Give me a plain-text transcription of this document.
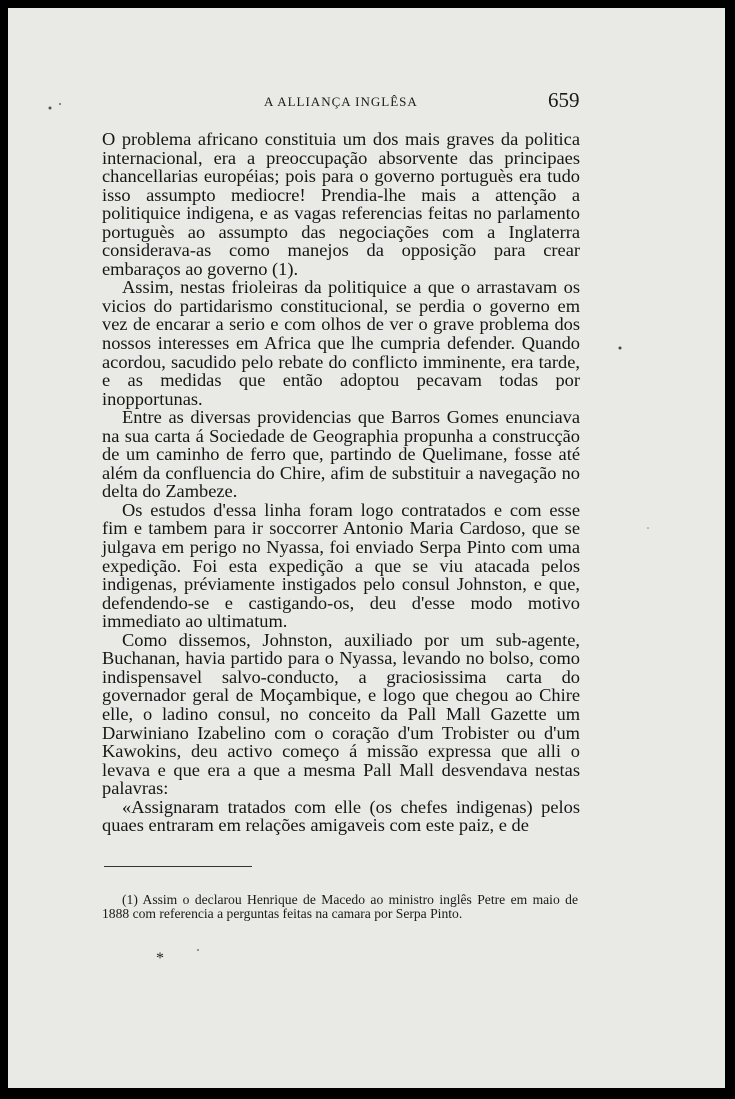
A ALLIANÇA INGLÊSA	659

O problema africano constituia um dos mais graves da politica internacional, era a preoccupação absorvente das principaes chancellarias européias; pois para o governo portuguès era tudo isso assumpto mediocre! Prendia-lhe mais a attenção a politiquice indigena, e as vagas referencias feitas no parlamento portuguès ao assumpto das negociações com a Inglaterra considerava-as como manejos da opposição para crear embaraços ao governo (1).

Assim, nestas frioleiras da politiquice a que o arrastavam os vicios do partidarismo constitucional, se perdia o governo em vez de encarar a serio e com olhos de ver o grave problema dos nossos interesses em Africa que lhe cumpria defender. Quando acordou, sacudido pelo rebate do conflicto imminente, era tarde, e as medidas que então adoptou pecavam todas por inopportunas.

Entre as diversas providencias que Barros Gomes enunciava na sua carta á Sociedade de Geographia propunha a construcção de um caminho de ferro que, partindo de Quelimane, fosse até além da confluencia do Chire, afim de substituir a navegação no delta do Zambeze.

Os estudos d'essa linha foram logo contratados e com esse fim e tambem para ir soccorrer Antonio Maria Cardoso, que se julgava em perigo no Nyassa, foi enviado Serpa Pinto com uma expedição. Foi esta expedição a que se viu atacada pelos indigenas, préviamente instigados pelo consul Johnston, e que, defendendo-se e castigando-os, deu d'esse modo motivo immediato ao ultimatum.

Como dissemos, Johnston, auxiliado por um sub-agente, Buchanan, havia partido para o Nyassa, levando no bolso, como indispensavel salvo-conducto, a graciosissima carta do governador geral de Moçambique, e logo que chegou ao Chire elle, o ladino consul, no conceito da Pall Mall Gazette um Darwiniano Izabelino com o coração d'um Trobister ou d'um Kawokins, deu activo começo á missão expressa que alli o levava e que era a que a mesma Pall Mall desvendava nestas palavras:

«Assignaram tratados com elle (os chefes indigenas) pelos quaes entraram em relações amigaveis com este paiz, e de

(1) Assim o declarou Henrique de Macedo ao ministro inglês Petre em maio de 1888 com referencia a perguntas feitas na camara por Serpa Pinto.

*
